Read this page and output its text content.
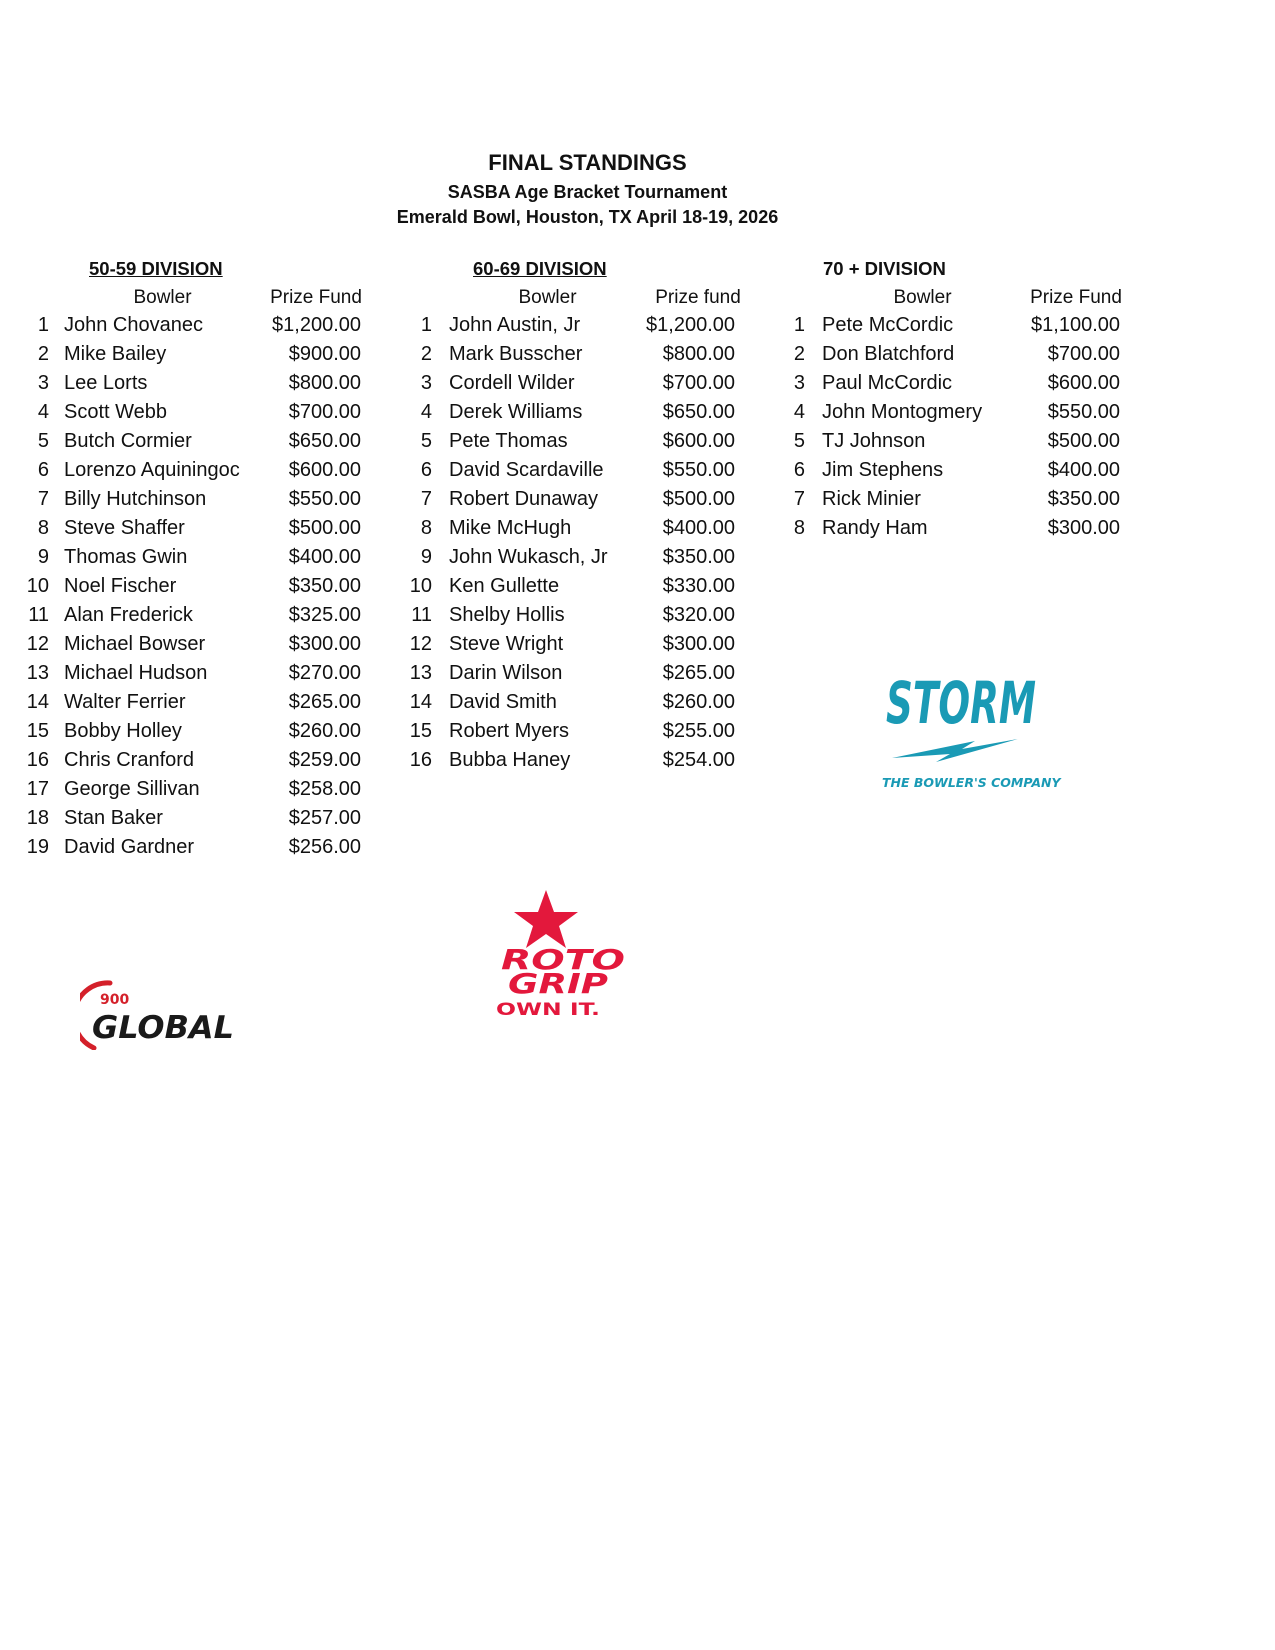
FINAL STANDINGS
SASBA Age Bracket Tournament
Emerald Bowl, Houston, TX April 18-19, 2026
50-59 DIVISION
Bowler	Prize Fund
1 John Chovanec	$1,200.00
2 Mike Bailey	$900.00
3 Lee Lorts	$800.00
4 Scott Webb	$700.00
5 Butch Cormier	$650.00
6 Lorenzo Aquiningoc	$600.00
7 Billy Hutchinson	$550.00
8 Steve Shaffer	$500.00
9 Thomas Gwin	$400.00
10 Noel Fischer	$350.00
11 Alan Frederick	$325.00
12 Michael Bowser	$300.00
13 Michael Hudson	$270.00
14 Walter Ferrier	$265.00
15 Bobby Holley	$260.00
16 Chris Cranford	$259.00
17 George Sillivan	$258.00
18 Stan Baker	$257.00
19 David Gardner	$256.00
60-69 DIVISION
Bowler	Prize fund
1 John Austin, Jr	$1,200.00
2 Mark Busscher	$800.00
3 Cordell Wilder	$700.00
4 Derek Williams	$650.00
5 Pete Thomas	$600.00
6 David Scardaville	$550.00
7 Robert Dunaway	$500.00
8 Mike McHugh	$400.00
9 John Wukasch, Jr	$350.00
10 Ken Gullette	$330.00
11 Shelby Hollis	$320.00
12 Steve Wright	$300.00
13 Darin Wilson	$265.00
14 David Smith	$260.00
15 Robert Myers	$255.00
16 Bubba Haney	$254.00
70 + DIVISION
Bowler	Prize Fund
1 Pete McCordic	$1,100.00
2 Don Blatchford	$700.00
3 Paul McCordic	$600.00
4 John Montogmery	$550.00
5 TJ Johnson	$500.00
6 Jim Stephens	$400.00
7 Rick Minier	$350.00
8 Randy Ham	$300.00
STORM
THE BOWLER'S COMPANY
ROTO
GRIP
OWN IT.
900
GLOBAL
